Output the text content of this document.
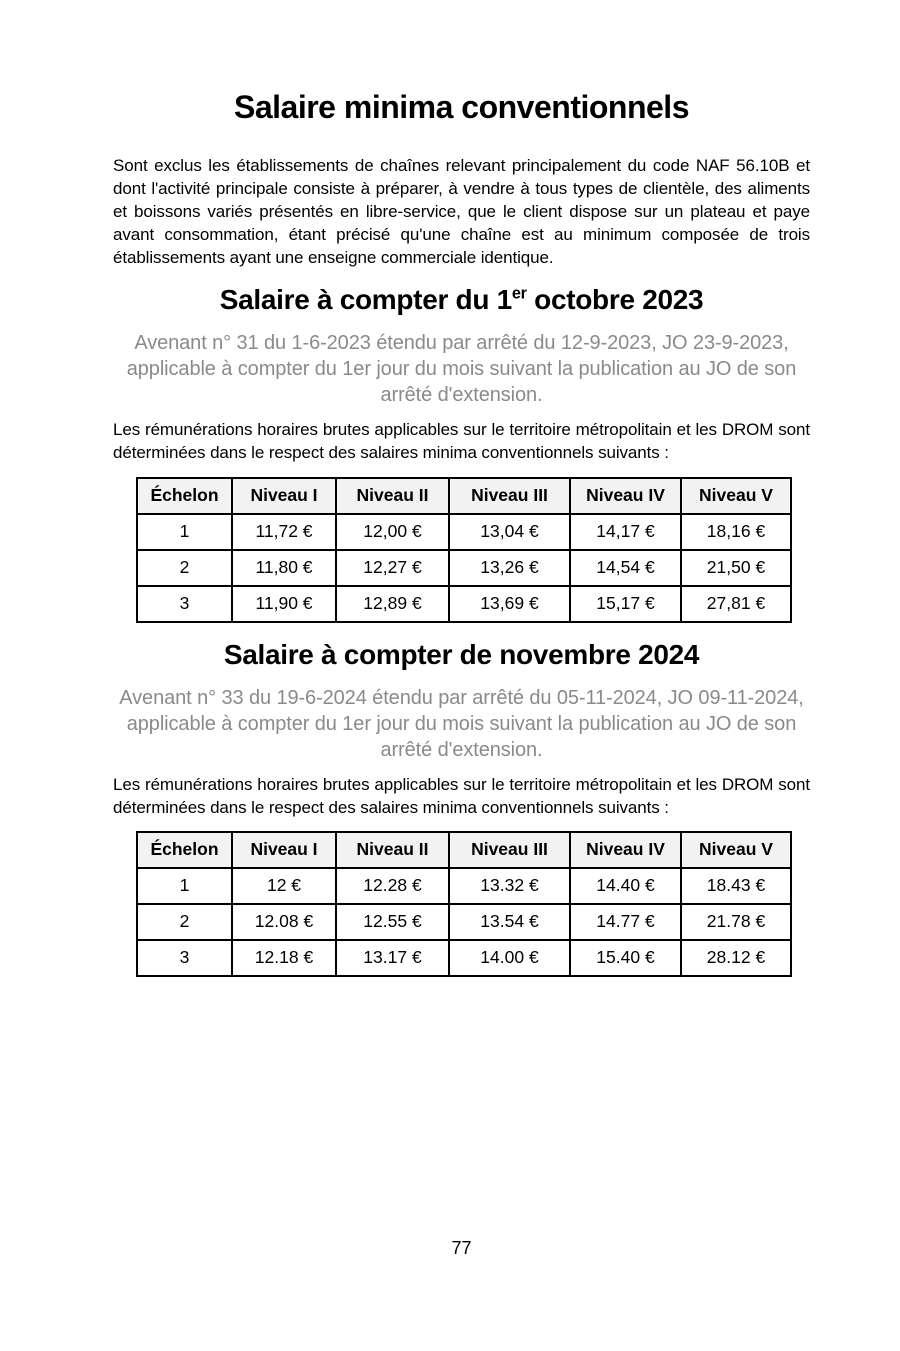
Salaire minima conventionnels

Sont exclus les établissements de chaînes relevant principalement du code NAF 56.10B et dont l'activité principale consiste à préparer, à vendre à tous types de clientèle, des aliments et boissons variés présentés en libre-service, que le client dispose sur un plateau et paye avant consommation, étant précisé qu'une chaîne est au minimum composée de trois établissements ayant une enseigne commerciale identique.

Salaire à compter du 1er octobre 2023

Avenant n° 31 du 1-6-2023 étendu par arrêté du 12-9-2023, JO 23-9-2023, applicable à compter du 1er jour du mois suivant la publication au JO de son arrêté d'extension.

Les rémunérations horaires brutes applicables sur le territoire métropolitain et les DROM sont déterminées dans le respect des salaires minima conventionnels suivants :

Échelon	Niveau I	Niveau II	Niveau III	Niveau IV	Niveau V
1	11,72 €	12,00 €	13,04 €	14,17 €	18,16 €
2	11,80 €	12,27 €	13,26 €	14,54 €	21,50 €
3	11,90 €	12,89 €	13,69 €	15,17 €	27,81 €
Salaire à compter de novembre 2024

Avenant n° 33 du 19-6-2024 étendu par arrêté du 05-11-2024, JO 09-11-2024, applicable à compter du 1er jour du mois suivant la publication au JO de son arrêté d'extension.

Les rémunérations horaires brutes applicables sur le territoire métropolitain et les DROM sont déterminées dans le respect des salaires minima conventionnels suivants :

Échelon	Niveau I	Niveau II	Niveau III	Niveau IV	Niveau V
1	12 €	12.28 €	13.32 €	14.40 €	18.43 €
2	12.08 €	12.55 €	13.54 €	14.77 €	21.78 €
3	12.18 €	13.17 €	14.00 €	15.40 €	28.12 €
77
